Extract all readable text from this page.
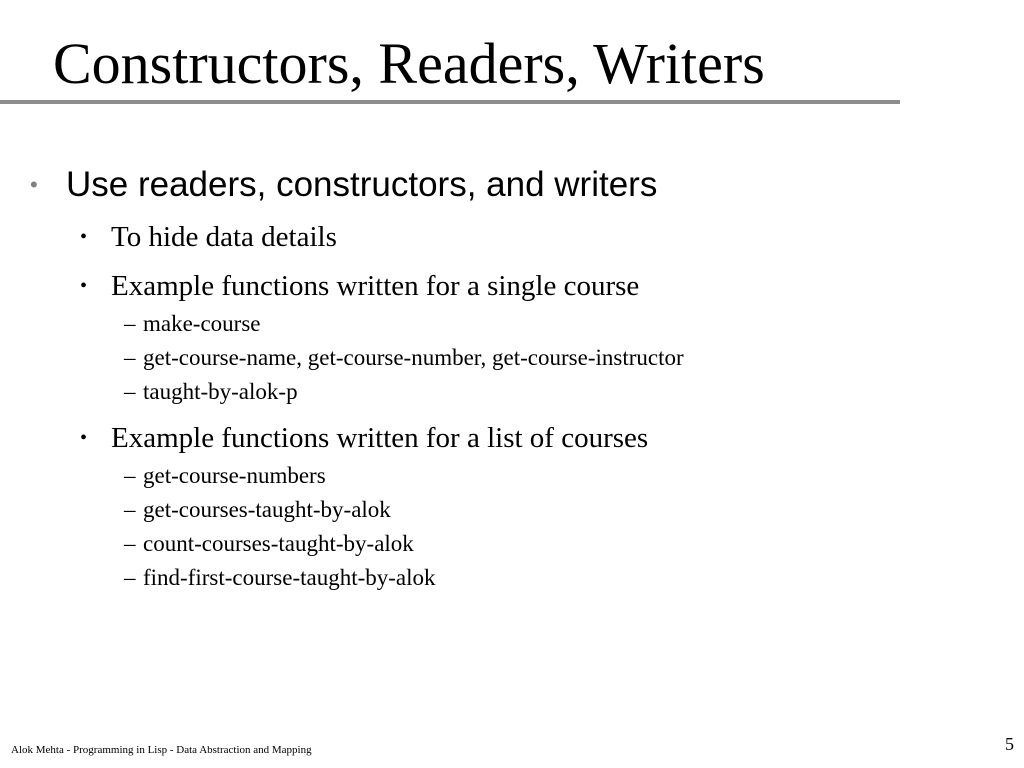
Constructors, Readers, Writers
• Use readers, constructors, and writers
• To hide data details
• Example functions written for a single course
– make-course
– get-course-name, get-course-number, get-course-instructor
– taught-by-alok-p
• Example functions written for a list of courses
– get-course-numbers
– get-courses-taught-by-alok
– count-courses-taught-by-alok
– find-first-course-taught-by-alok
Alok Mehta - Programming in Lisp - Data Abstraction and Mapping	5
